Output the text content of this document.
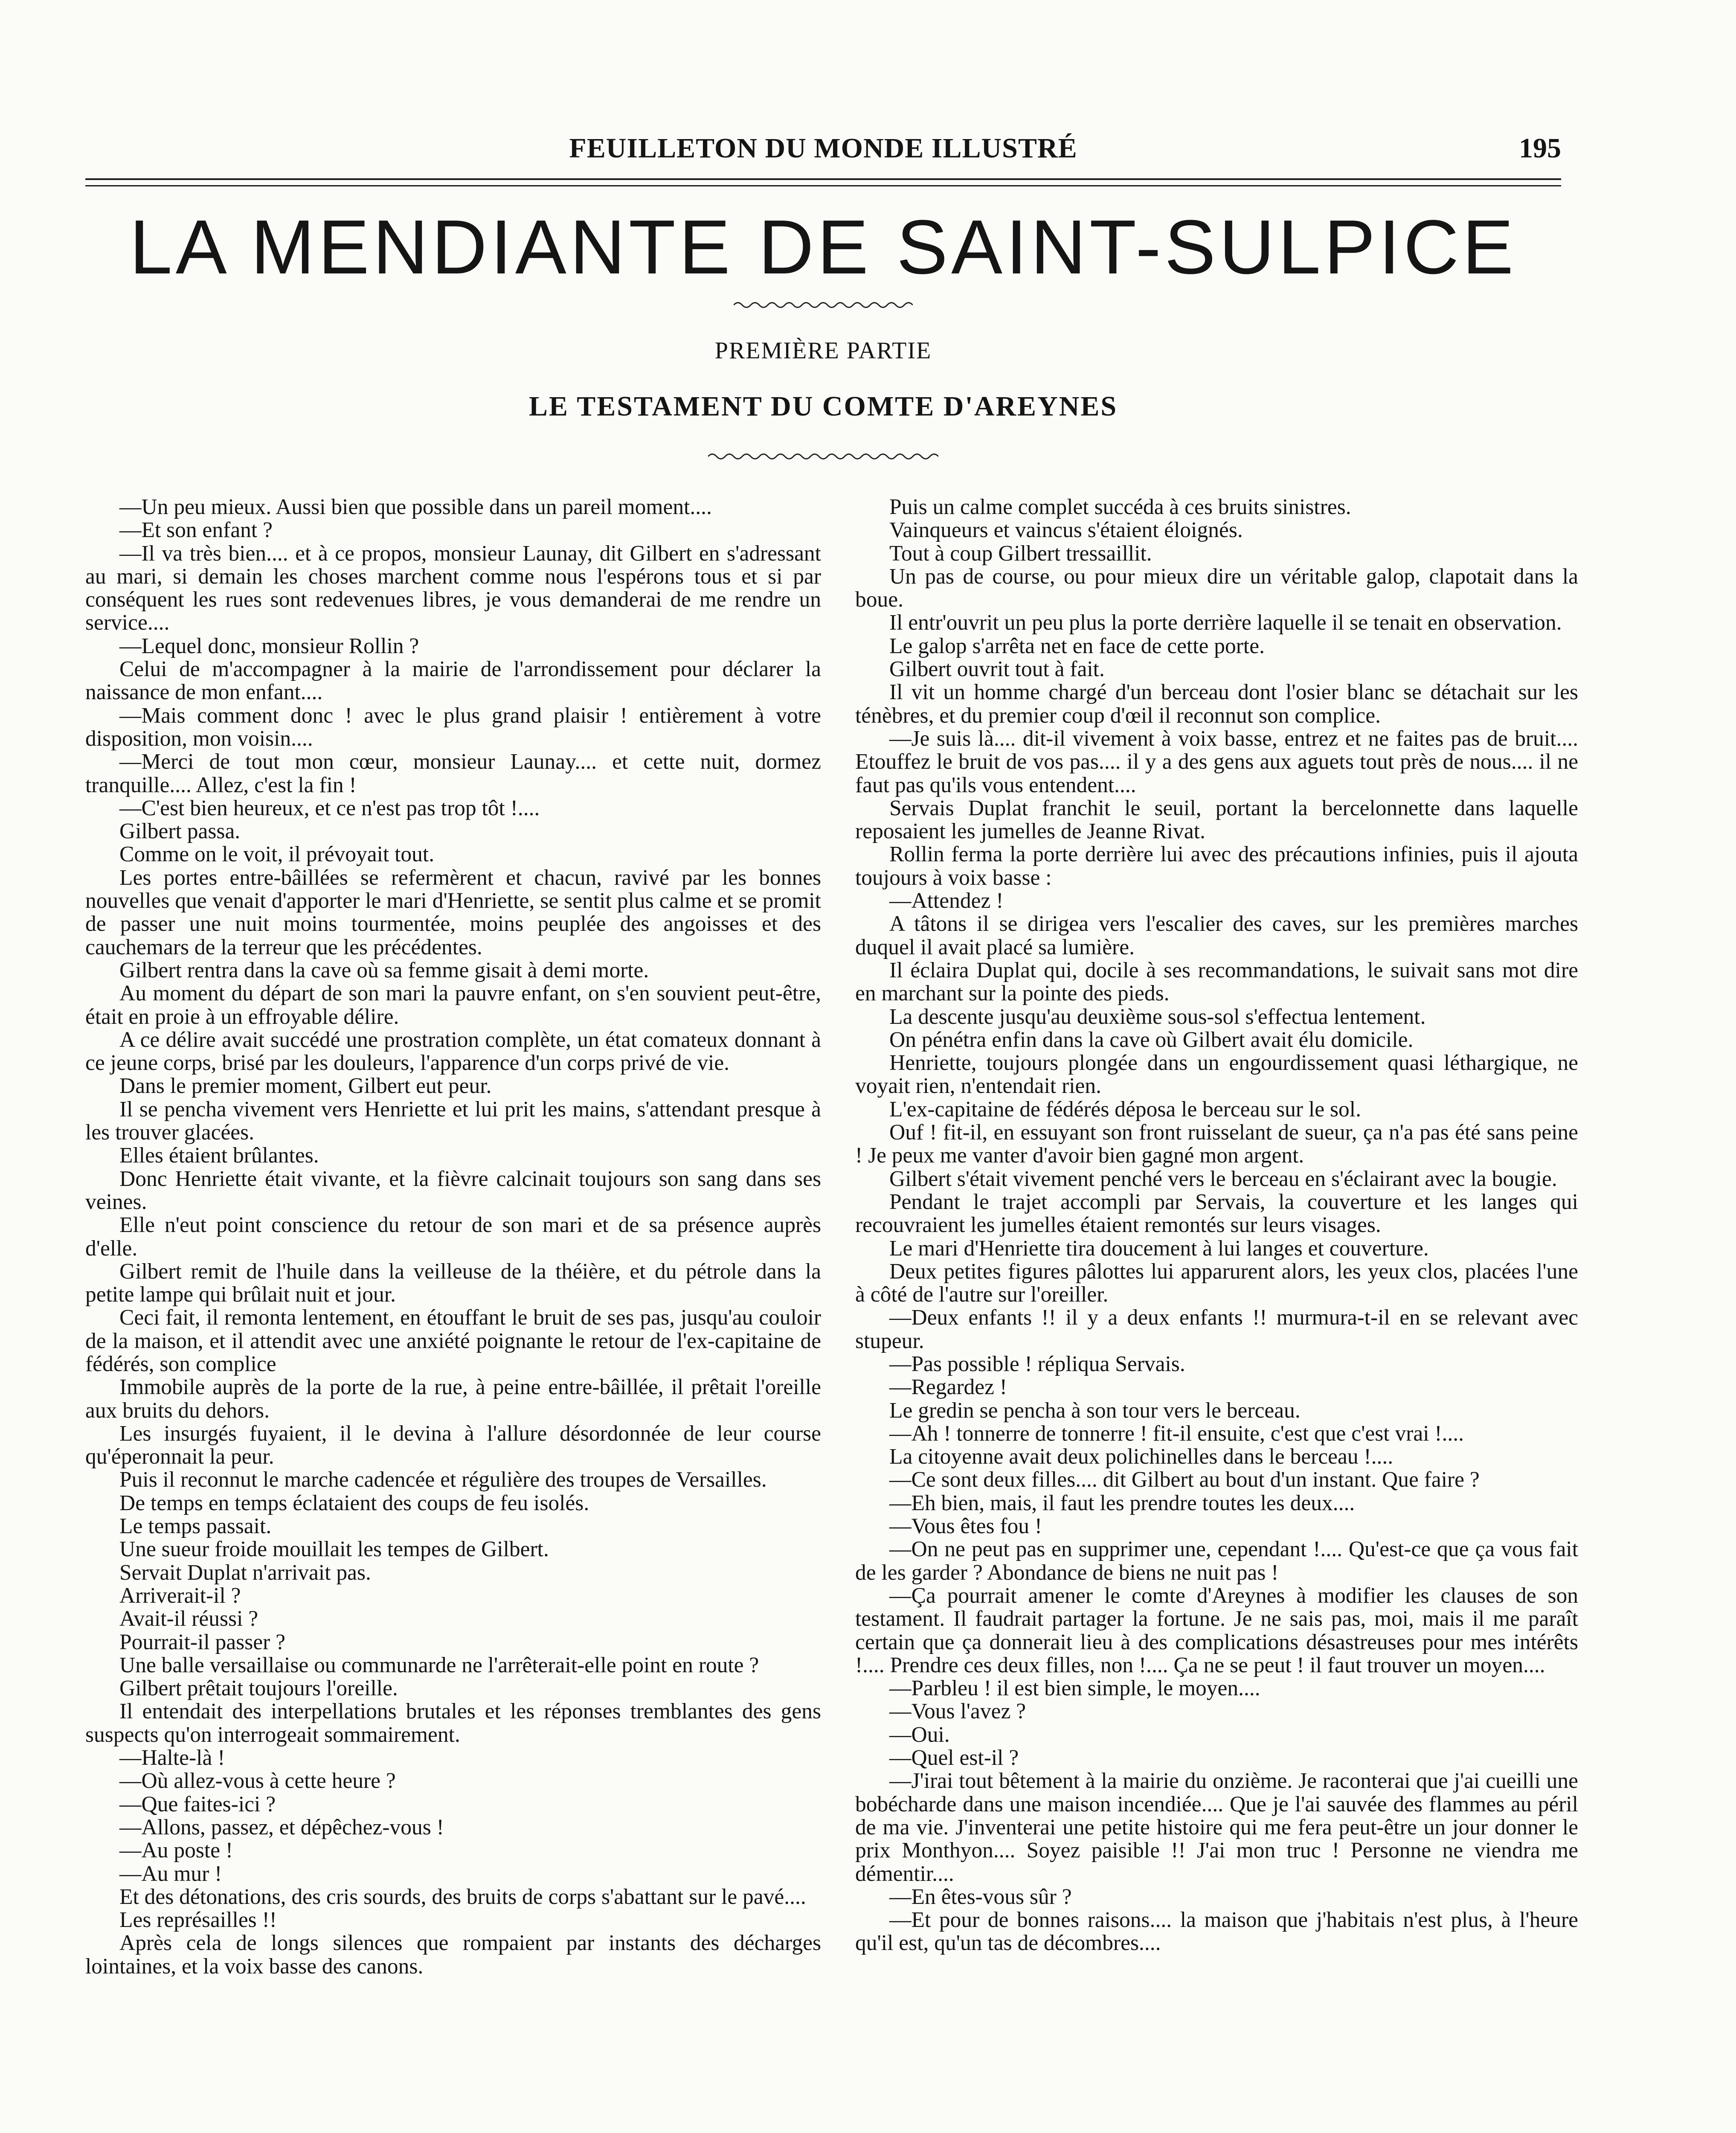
FEUILLETON DU MONDE ILLUSTRÉ	195
LA MENDIANTE DE SAINT-SULPICE
PREMIÈRE PARTIE
LE TESTAMENT DU COMTE D'AREYNES

—Un peu mieux. Aussi bien que possible dans un pareil moment....

—Et son enfant ?

—Il va très bien.... et à ce propos, monsieur Launay, dit Gilbert en s'adressant au mari, si demain les choses marchent comme nous l'espérons tous et si par conséquent les rues sont redevenues libres, je vous demanderai de me rendre un service....

—Lequel donc, monsieur Rollin ?

Celui de m'accompagner à la mairie de l'arrondissement pour déclarer la naissance de mon enfant....

—Mais comment donc ! avec le plus grand plaisir ! entièrement à votre disposition, mon voisin....

—Merci de tout mon cœur, monsieur Launay.... et cette nuit, dormez tranquille.... Allez, c'est la fin !

—C'est bien heureux, et ce n'est pas trop tôt !....

Gilbert passa.

Comme on le voit, il prévoyait tout.

Les portes entre-bâillées se refermèrent et chacun, ravivé par les bonnes nouvelles que venait d'apporter le mari d'Henriette, se sentit plus calme et se promit de passer une nuit moins tourmentée, moins peuplée des angoisses et des cauchemars de la terreur que les précédentes.

Gilbert rentra dans la cave où sa femme gisait à demi morte.

Au moment du départ de son mari la pauvre enfant, on s'en souvient peut-être, était en proie à un effroyable délire.

A ce délire avait succédé une prostration complète, un état comateux donnant à ce jeune corps, brisé par les douleurs, l'apparence d'un corps privé de vie.

Dans le premier moment, Gilbert eut peur.

Il se pencha vivement vers Henriette et lui prit les mains, s'attendant presque à les trouver glacées.

Elles étaient brûlantes.

Donc Henriette était vivante, et la fièvre calcinait toujours son sang dans ses veines.

Elle n'eut point conscience du retour de son mari et de sa présence auprès d'elle.

Gilbert remit de l'huile dans la veilleuse de la théière, et du pétrole dans la petite lampe qui brûlait nuit et jour.

Ceci fait, il remonta lentement, en étouffant le bruit de ses pas, jusqu'au couloir de la maison, et il attendit avec une anxiété poignante le retour de l'ex-capitaine de fédérés, son complice

Immobile auprès de la porte de la rue, à peine entre-bâillée, il prêtait l'oreille aux bruits du dehors.

Les insurgés fuyaient, il le devina à l'allure désordonnée de leur course qu'éperonnait la peur.

Puis il reconnut le marche cadencée et régulière des troupes de Versailles.

De temps en temps éclataient des coups de feu isolés.

Le temps passait.

Une sueur froide mouillait les tempes de Gilbert.

Servait Duplat n'arrivait pas.

Arriverait-il ?

Avait-il réussi ?

Pourrait-il passer ?

Une balle versaillaise ou communarde ne l'arrêterait-elle point en route ?

Gilbert prêtait toujours l'oreille.

Il entendait des interpellations brutales et les réponses tremblantes des gens suspects qu'on interrogeait sommairement.

—Halte-là !

—Où allez-vous à cette heure ?

—Que faites-ici ?

—Allons, passez, et dépêchez-vous !

—Au poste !

—Au mur !

Et des détonations, des cris sourds, des bruits de corps s'abattant sur le pavé....

Les représailles !!

Après cela de longs silences que rompaient par instants des décharges lointaines, et la voix basse des canons.

Puis un calme complet succéda à ces bruits sinistres.

Vainqueurs et vaincus s'étaient éloignés.

Tout à coup Gilbert tressaillit.

Un pas de course, ou pour mieux dire un véritable galop, clapotait dans la boue.

Il entr'ouvrit un peu plus la porte derrière laquelle il se tenait en observation.

Le galop s'arrêta net en face de cette porte.

Gilbert ouvrit tout à fait.

Il vit un homme chargé d'un berceau dont l'osier blanc se détachait sur les ténèbres, et du premier coup d'œil il reconnut son complice.

—Je suis là.... dit-il vivement à voix basse, entrez et ne faites pas de bruit.... Etouffez le bruit de vos pas.... il y a des gens aux aguets tout près de nous.... il ne faut pas qu'ils vous entendent....

Servais Duplat franchit le seuil, portant la bercelonnette dans laquelle reposaient les jumelles de Jeanne Rivat.

Rollin ferma la porte derrière lui avec des précautions infinies, puis il ajouta toujours à voix basse :

—Attendez !

A tâtons il se dirigea vers l'escalier des caves, sur les premières marches duquel il avait placé sa lumière.

Il éclaira Duplat qui, docile à ses recommandations, le suivait sans mot dire en marchant sur la pointe des pieds.

La descente jusqu'au deuxième sous-sol s'effectua lentement.

On pénétra enfin dans la cave où Gilbert avait élu domicile.

Henriette, toujours plongée dans un engourdissement quasi léthargique, ne voyait rien, n'entendait rien.

L'ex-capitaine de fédérés déposa le berceau sur le sol.

Ouf ! fit-il, en essuyant son front ruisselant de sueur, ça n'a pas été sans peine ! Je peux me vanter d'avoir bien gagné mon argent.

Gilbert s'était vivement penché vers le berceau en s'éclairant avec la bougie.

Pendant le trajet accompli par Servais, la couverture et les langes qui recouvraient les jumelles étaient remontés sur leurs visages.

Le mari d'Henriette tira doucement à lui langes et couverture.

Deux petites figures pâlottes lui apparurent alors, les yeux clos, placées l'une à côté de l'autre sur l'oreiller.

—Deux enfants !! il y a deux enfants !! murmura-t-il en se relevant avec stupeur.

—Pas possible ! répliqua Servais.

—Regardez !

Le gredin se pencha à son tour vers le berceau.

—Ah ! tonnerre de tonnerre ! fit-il ensuite, c'est que c'est vrai !....

La citoyenne avait deux polichinelles dans le berceau !....

—Ce sont deux filles.... dit Gilbert au bout d'un instant. Que faire ?

—Eh bien, mais, il faut les prendre toutes les deux....

—Vous êtes fou !

—On ne peut pas en supprimer une, cependant !.... Qu'est-ce que ça vous fait de les garder ? Abondance de biens ne nuit pas !

—Ça pourrait amener le comte d'Areynes à modifier les clauses de son testament. Il faudrait partager la fortune. Je ne sais pas, moi, mais il me paraît certain que ça donnerait lieu à des complications désastreuses pour mes intérêts !.... Prendre ces deux filles, non !.... Ça ne se peut ! il faut trouver un moyen....

—Parbleu ! il est bien simple, le moyen....

—Vous l'avez ?

—Oui.

—Quel est-il ?

—J'irai tout bêtement à la mairie du onzième. Je raconterai que j'ai cueilli une bobécharde dans une maison incendiée.... Que je l'ai sauvée des flammes au péril de ma vie. J'inventerai une petite histoire qui me fera peut-être un jour donner le prix Monthyon.... Soyez paisible !! J'ai mon truc ! Personne ne viendra me démentir....

—En êtes-vous sûr ?

—Et pour de bonnes raisons.... la maison que j'habitais n'est plus, à l'heure qu'il est, qu'un tas de décombres....
